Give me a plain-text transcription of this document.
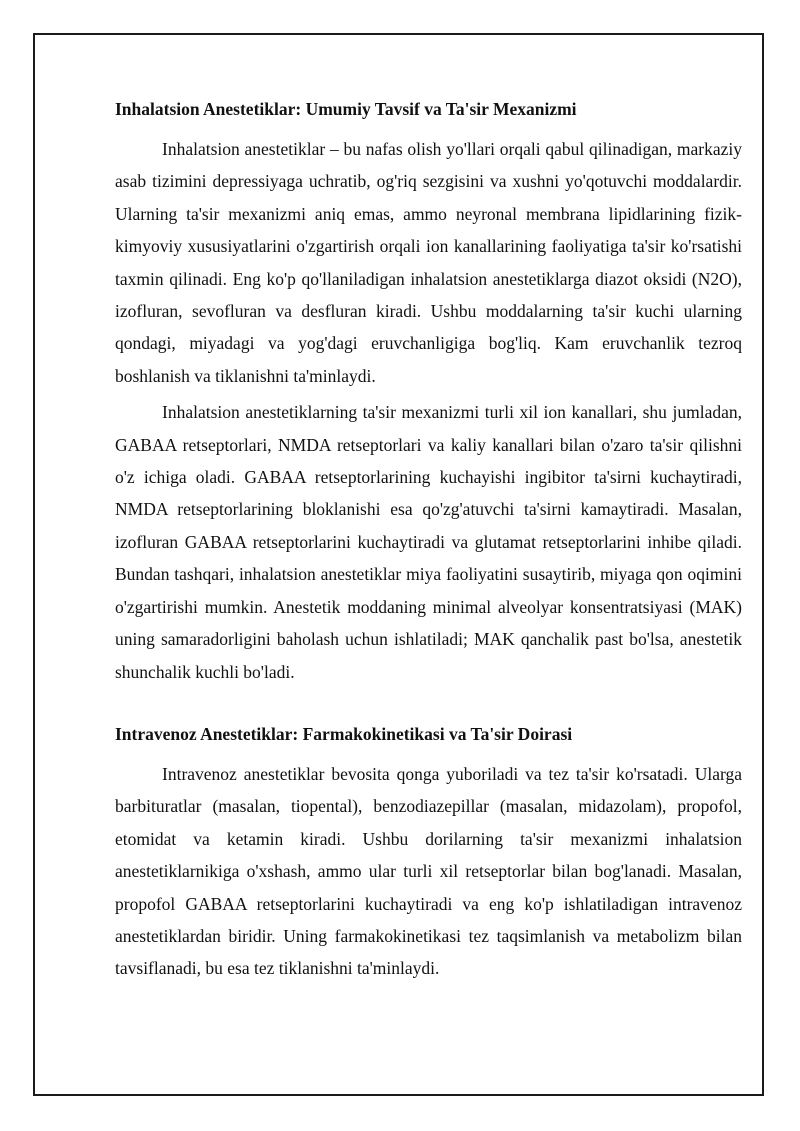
Inhalatsion Anestetiklar: Umumiy Tavsif va Ta'sir Mexanizmi

Inhalatsion anestetiklar – bu nafas olish yo'llari orqali qabul qilinadigan, markaziy asab tizimini depressiyaga uchratib, og'riq sezgisini va xushni yo'qotuvchi moddalardir. Ularning ta'sir mexanizmi aniq emas, ammo neyronal membrana lipidlarining fizik-kimyoviy xususiyatlarini o'zgartirish orqali ion kanallarining faoliyatiga ta'sir ko'rsatishi taxmin qilinadi. Eng ko'p qo'llaniladigan inhalatsion anestetiklarga diazot oksidi (N2O), izofluran, sevofluran va desfluran kiradi. Ushbu moddalarning ta'sir kuchi ularning qondagi, miyadagi va yog'dagi eruvchanligiga bog'liq. Kam eruvchanlik tezroq boshlanish va tiklanishni ta'minlaydi.

Inhalatsion anestetiklarning ta'sir mexanizmi turli xil ion kanallari, shu jumladan, GABAA retseptorlari, NMDA retseptorlari va kaliy kanallari bilan o'zaro ta'sir qilishni o'z ichiga oladi. GABAA retseptorlarining kuchayishi ingibitor ta'sirni kuchaytiradi, NMDA retseptorlarining bloklanishi esa qo'zg'atuvchi ta'sirni kamaytiradi. Masalan, izofluran GABAA retseptorlarini kuchaytiradi va glutamat retseptorlarini inhibe qiladi. Bundan tashqari, inhalatsion anestetiklar miya faoliyatini susaytirib, miyaga qon oqimini o'zgartirishi mumkin. Anestetik moddaning minimal alveolyar konsentratsiyasi (MAK) uning samaradorligini baholash uchun ishlatiladi; MAK qanchalik past bo'lsa, anestetik shunchalik kuchli bo'ladi.

Intravenoz Anestetiklar: Farmakokinetikasi va Ta'sir Doirasi

Intravenoz anestetiklar bevosita qonga yuboriladi va tez ta'sir ko'rsatadi. Ularga barbituratlar (masalan, tiopental), benzodiazepillar (masalan, midazolam), propofol, etomidat va ketamin kiradi. Ushbu dorilarning ta'sir mexanizmi inhalatsion anestetiklarnikiga o'xshash, ammo ular turli xil retseptorlar bilan bog'lanadi. Masalan, propofol GABAA retseptorlarini kuchaytiradi va eng ko'p ishlatiladigan intravenoz anestetiklardan biridir. Uning farmakokinetikasi tez taqsimlanish va metabolizm bilan tavsiflanadi, bu esa tez tiklanishni ta'minlaydi.
